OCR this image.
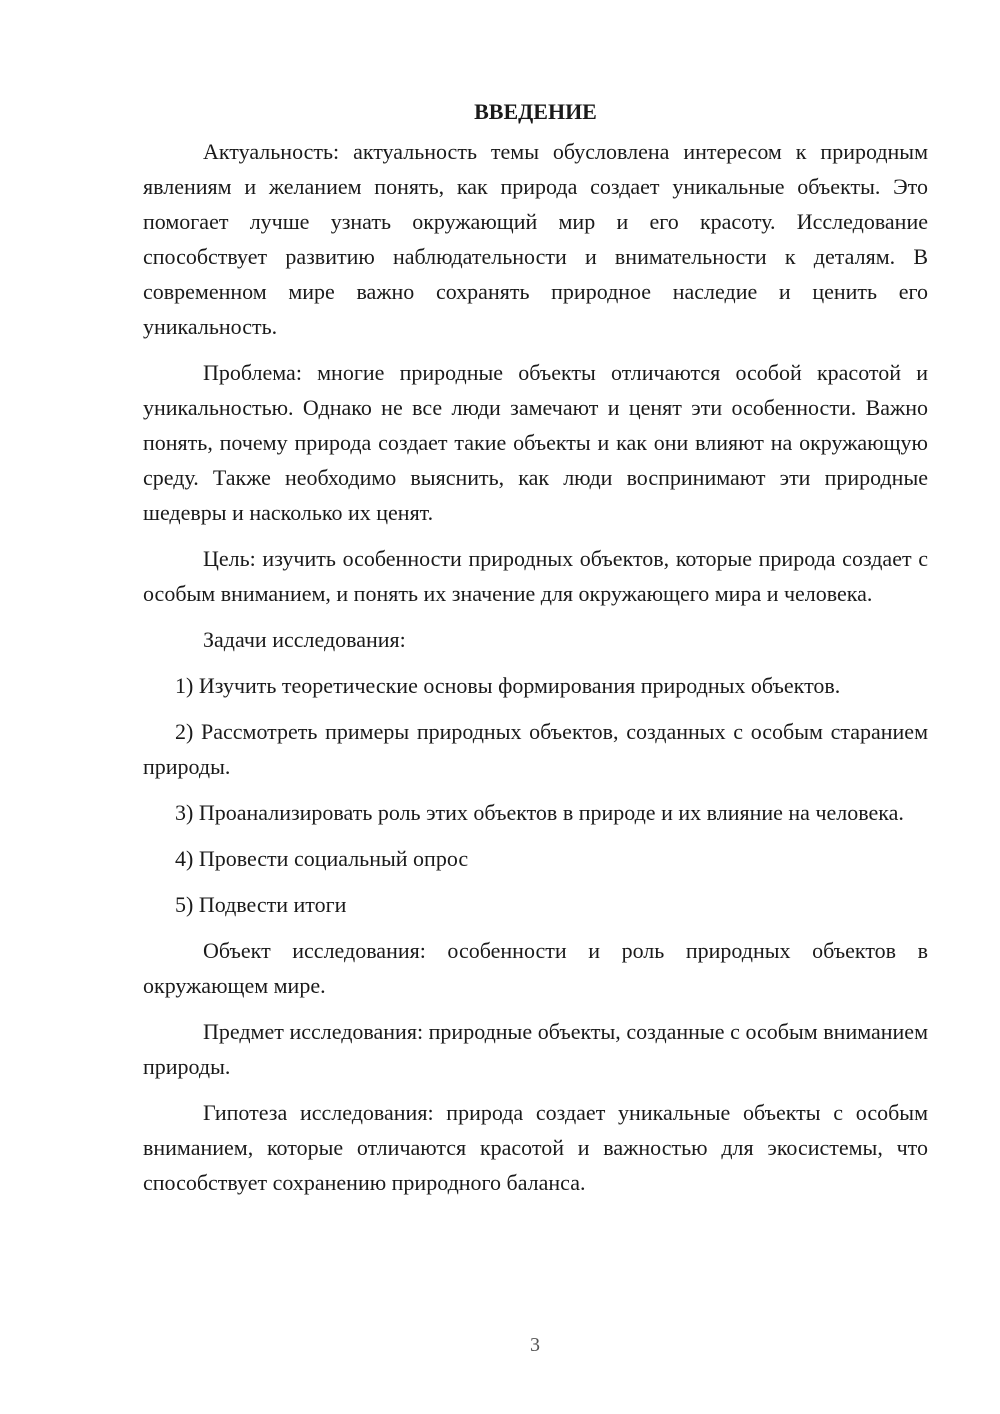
ВВЕДЕНИЕ

Актуальность: актуальность темы обусловлена интересом к природным явлениям и желанием понять, как природа создает уникальные объекты. Это помогает лучше узнать окружающий мир и его красоту. Исследование способствует развитию наблюдательности и внимательности к деталям. В современном мире важно сохранять природное наследие и ценить его уникальность.

Проблема: многие природные объекты отличаются особой красотой и уникальностью. Однако не все люди замечают и ценят эти особенности. Важно понять, почему природа создает такие объекты и как они влияют на окружающую среду. Также необходимо выяснить, как люди воспринимают эти природные шедевры и насколько их ценят.

Цель: изучить особенности природных объектов, которые природа создает с особым вниманием, и понять их значение для окружающего мира и человека.

Задачи исследования:

1) Изучить теоретические основы формирования природных объектов.

2) Рассмотреть примеры природных объектов, созданных с особым старанием природы.

3) Проанализировать роль этих объектов в природе и их влияние на человека.

4) Провести социальный опрос

5) Подвести итоги

Объект исследования: особенности и роль природных объектов в окружающем мире.

Предмет исследования: природные объекты, созданные с особым вниманием природы.

Гипотеза исследования: природа создает уникальные объекты с особым вниманием, которые отличаются красотой и важностью для экосистемы, что способствует сохранению природного баланса.

3
